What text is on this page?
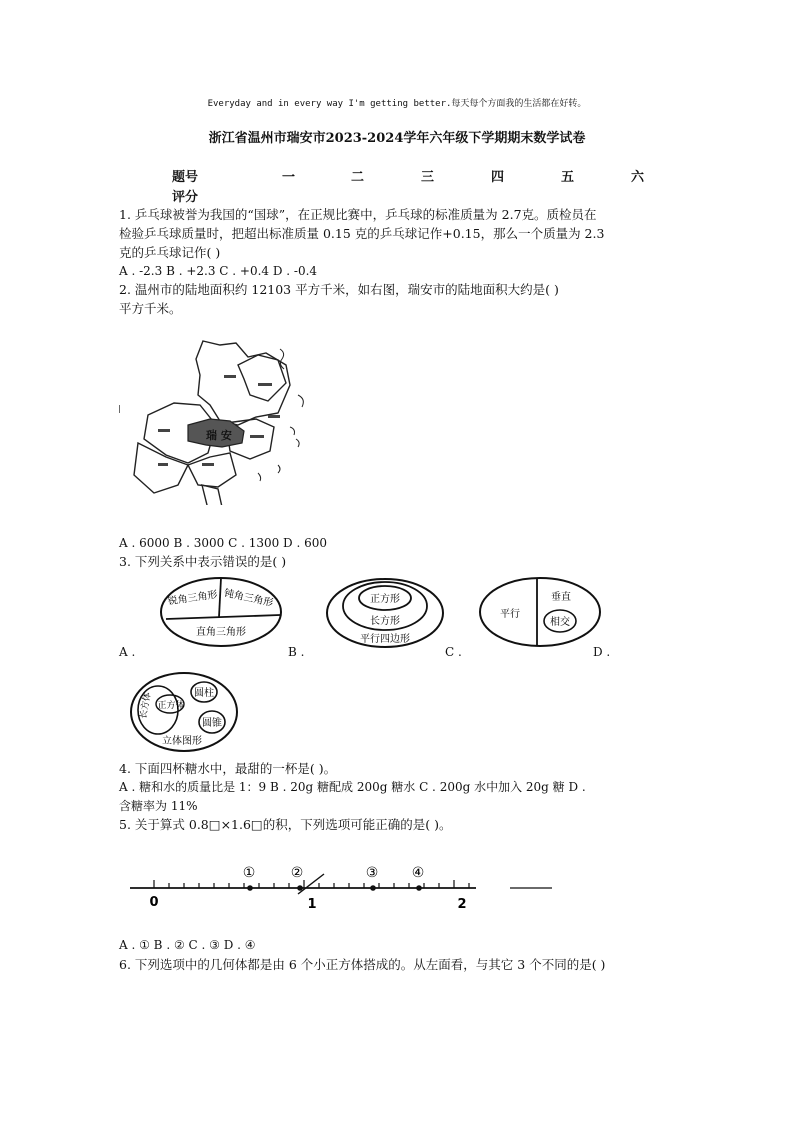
Everyday and in every way I'm getting better.每天每个方面我的生活都在好转。
浙江省温州市瑞安市2023-2024学年六年级下学期期末数学试卷
题号	一	二	三	四	五	六
评分
1. 乒乓球被誉为我国的“国球”，在正规比赛中，乒乓球的标准质量为 2.7克。质检员在
检验乒乓球质量时，把超出标准质量 0.15 克的乒乓球记作+0.15，那么一个质量为 2.3
克的乒乓球记作( )
A . -2.3 B . +2.3 C . +0.4 D . -0.4
2. 温州市的陆地面积约 12103 平方千米，如右图，瑞安市的陆地面积大约是( )
平方千米。
瑞 安
|
A . 6000 B . 3000 C . 1300 D . 600
3. 下列关系中表示错误的是( )
锐角三角形 钝角三角形
直角三角形
A .
正方形
长方形
平行四边形
B .
平行
垂直
相交
C .	D .
长方体 正方体
圆柱
圆锥
立体图形
4. 下面四杯糖水中，最甜的一杯是( )。
A . 糖和水的质量比是 1：9 B . 20g 糖配成 200g 糖水 C . 200g 水中加入 20g 糖 D .
含糖率为 11%
5. 关于算式 0.8□×1.6□的积，下列选项可能正确的是( )。
①	②	③ ④
0	1	2
A . ① B . ② C . ③ D . ④
6. 下列选项中的几何体都是由 6 个小正方体搭成的。从左面看，与其它 3 个不同的是( )
